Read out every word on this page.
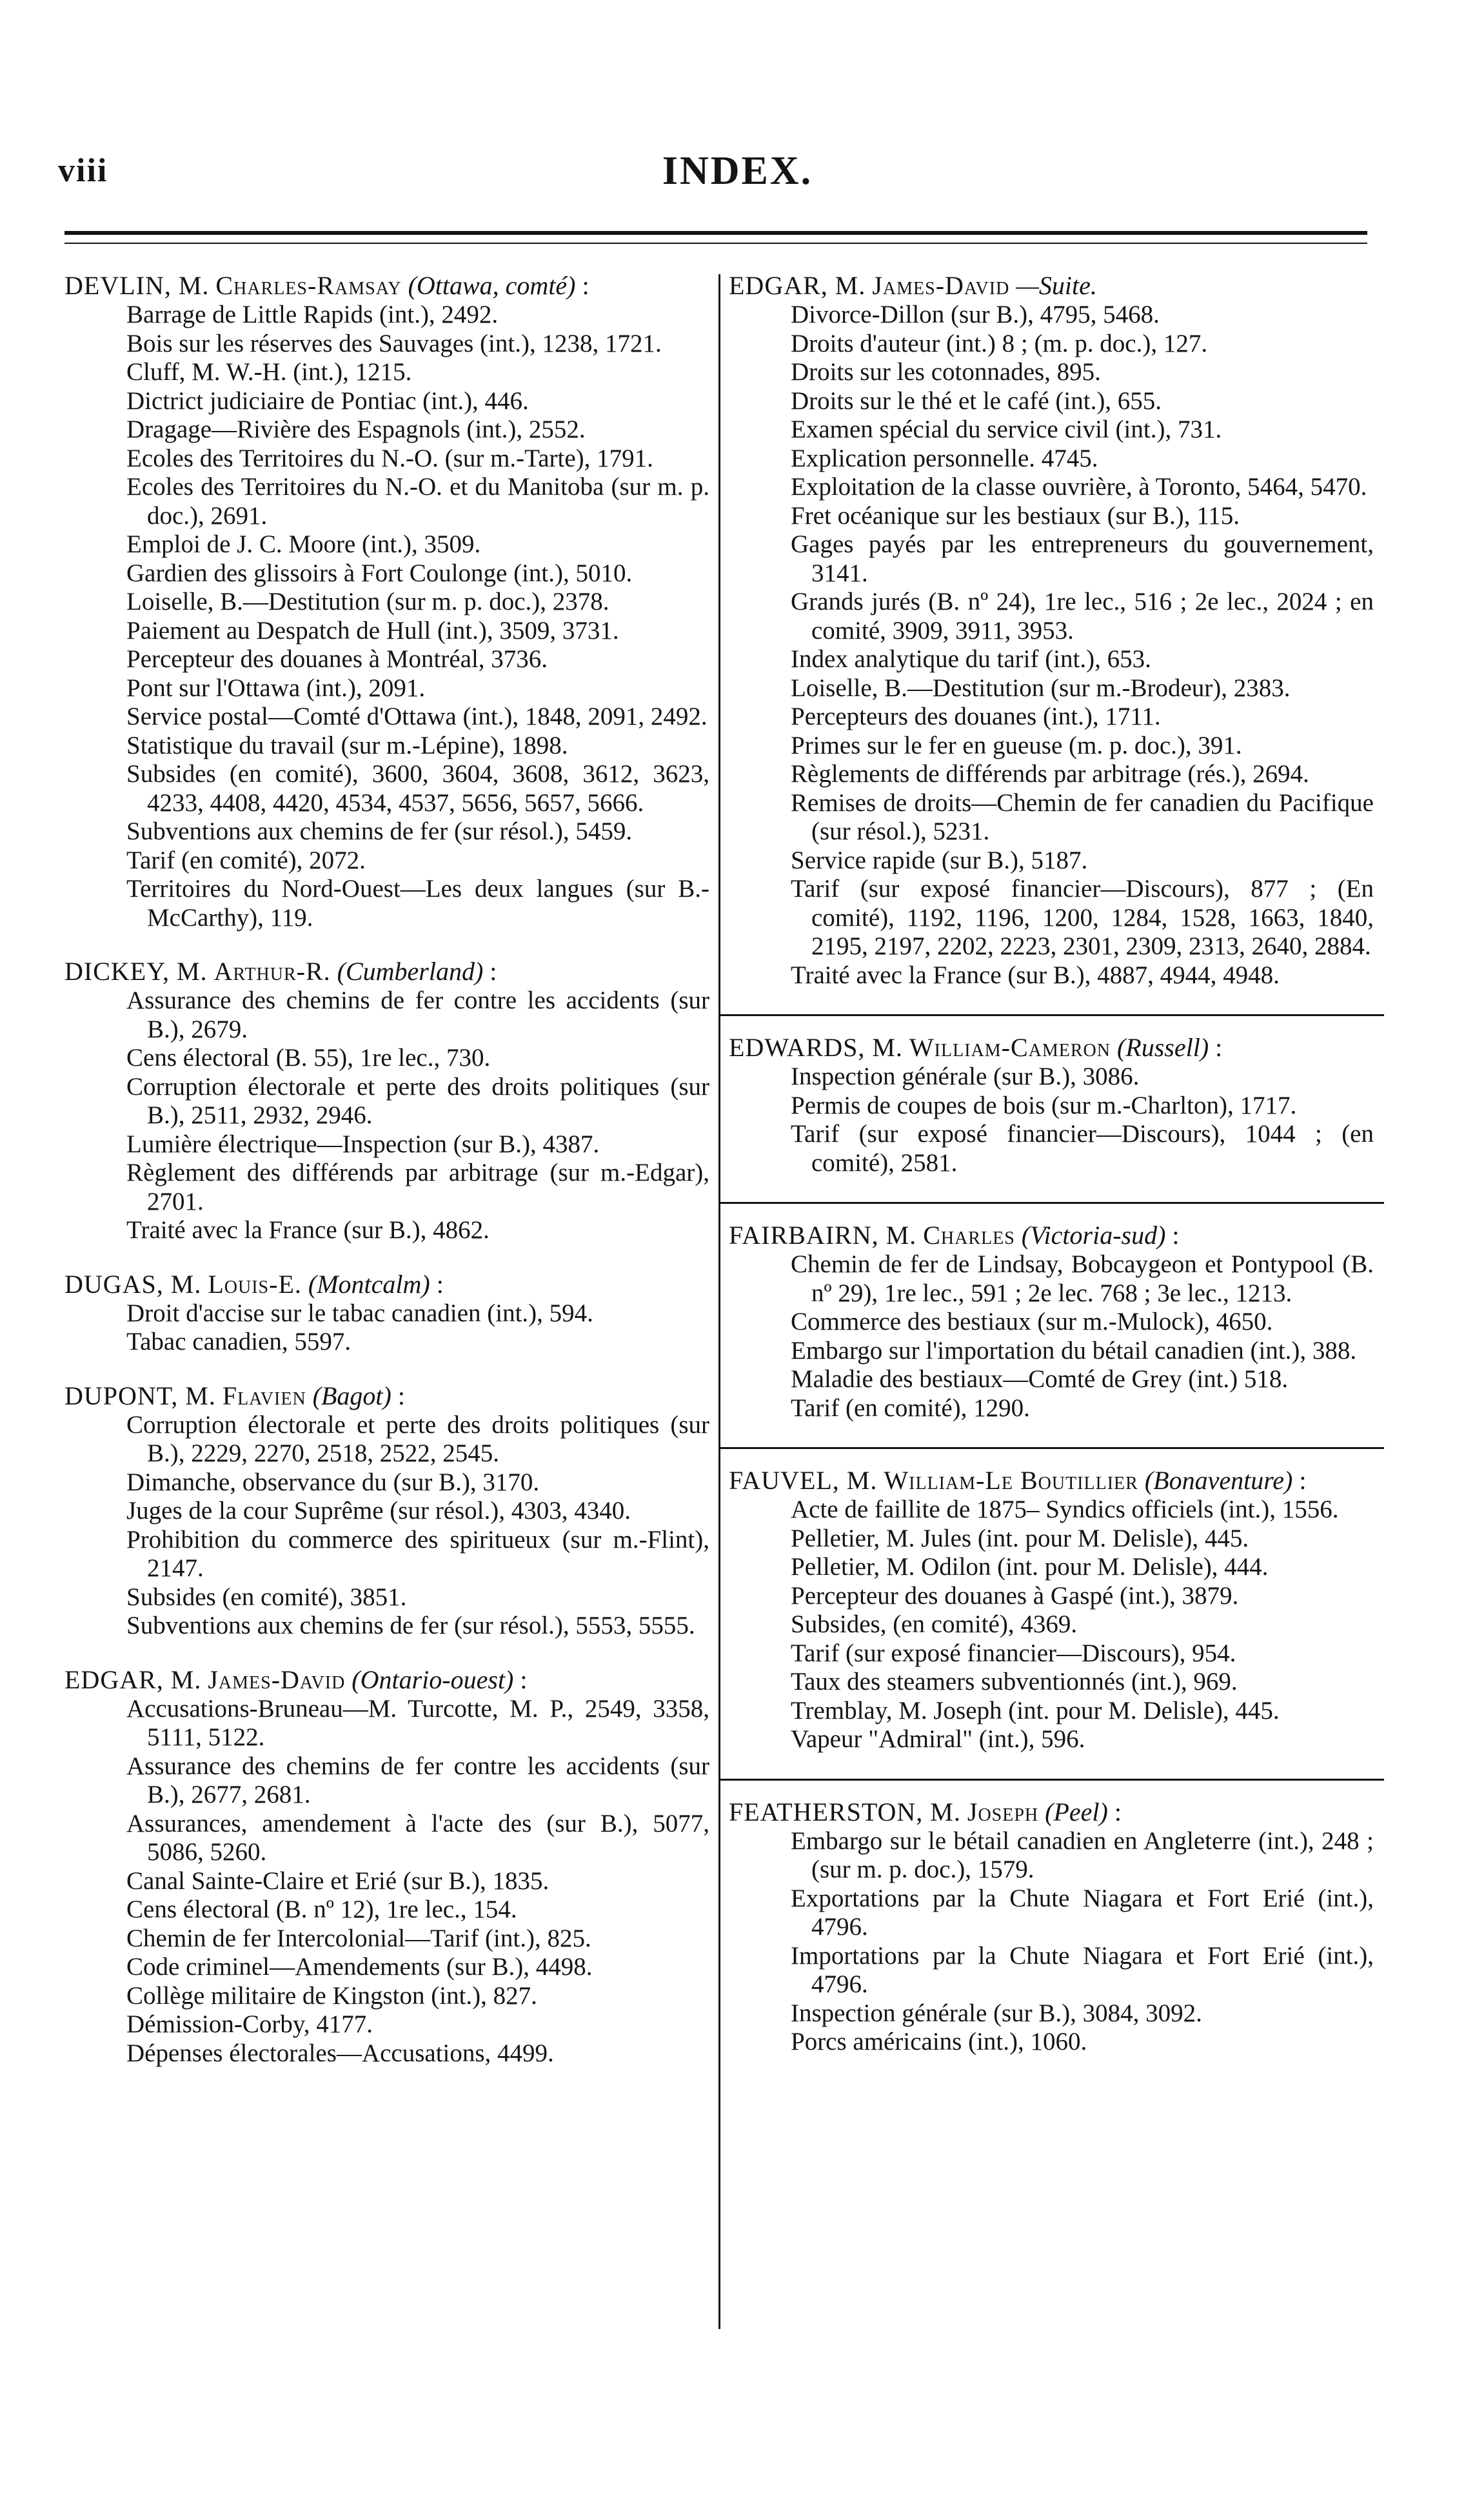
viii	INDEX.
DEVLIN, M. Charles-Ramsay (Ottawa, comté) :
Barrage de Little Rapids (int.), 2492.
Bois sur les réserves des Sauvages (int.), 1238, 1721.
Cluff, M. W.-H. (int.), 1215.
Dictrict judiciaire de Pontiac (int.), 446.
Dragage—Rivière des Espagnols (int.), 2552.
Ecoles des Territoires du N.-O. (sur m.-Tarte), 1791.
Ecoles des Territoires du N.-O. et du Manitoba (sur m. p. doc.), 2691.
Emploi de J. C. Moore (int.), 3509.
Gardien des glissoirs à Fort Coulonge (int.), 5010.
Loiselle, B.—Destitution (sur m. p. doc.), 2378.
Paiement au Despatch de Hull (int.), 3509, 3731.
Percepteur des douanes à Montréal, 3736.
Pont sur l'Ottawa (int.), 2091.
Service postal—Comté d'Ottawa (int.), 1848, 2091, 2492.
Statistique du travail (sur m.-Lépine), 1898.
Subsides (en comité), 3600, 3604, 3608, 3612, 3623, 4233, 4408, 4420, 4534, 4537, 5656, 5657, 5666.
Subventions aux chemins de fer (sur résol.), 5459.
Tarif (en comité), 2072.
Territoires du Nord-Ouest—Les deux langues (sur B.-McCarthy), 119.
DICKEY, M. Arthur-R. (Cumberland) :
Assurance des chemins de fer contre les accidents (sur B.), 2679.
Cens électoral (B. 55), 1re lec., 730.
Corruption électorale et perte des droits politiques (sur B.), 2511, 2932, 2946.
Lumière électrique—Inspection (sur B.), 4387.
Règlement des différends par arbitrage (sur m.-Edgar), 2701.
Traité avec la France (sur B.), 4862.
DUGAS, M. Louis-E. (Montcalm) :
Droit d'accise sur le tabac canadien (int.), 594.
Tabac canadien, 5597.
DUPONT, M. Flavien (Bagot) :
Corruption électorale et perte des droits politiques (sur B.), 2229, 2270, 2518, 2522, 2545.
Dimanche, observance du (sur B.), 3170.
Juges de la cour Suprême (sur résol.), 4303, 4340.
Prohibition du commerce des spiritueux (sur m.-Flint), 2147.
Subsides (en comité), 3851.
Subventions aux chemins de fer (sur résol.), 5553, 5555.
EDGAR, M. James-David (Ontario-ouest) :
Accusations-Bruneau—M. Turcotte, M. P., 2549, 3358, 5111, 5122.
Assurance des chemins de fer contre les accidents (sur B.), 2677, 2681.
Assurances, amendement à l'acte des (sur B.), 5077, 5086, 5260.
Canal Sainte-Claire et Erié (sur B.), 1835.
Cens électoral (B. nº 12), 1re lec., 154.
Chemin de fer Intercolonial—Tarif (int.), 825.
Code criminel—Amendements (sur B.), 4498.
Collège militaire de Kingston (int.), 827.
Démission-Corby, 4177.
Dépenses électorales—Accusations, 4499.
EDGAR, M. James-David —Suite.
Divorce-Dillon (sur B.), 4795, 5468.
Droits d'auteur (int.) 8 ; (m. p. doc.), 127.
Droits sur les cotonnades, 895.
Droits sur le thé et le café (int.), 655.
Examen spécial du service civil (int.), 731.
Explication personnelle. 4745.
Exploitation de la classe ouvrière, à Toronto, 5464, 5470.
Fret océanique sur les bestiaux (sur B.), 115.
Gages payés par les entrepreneurs du gouvernement, 3141.
Grands jurés (B. nº 24), 1re lec., 516 ; 2e lec., 2024 ; en comité, 3909, 3911, 3953.
Index analytique du tarif (int.), 653.
Loiselle, B.—Destitution (sur m.-Brodeur), 2383.
Percepteurs des douanes (int.), 1711.
Primes sur le fer en gueuse (m. p. doc.), 391.
Règlements de différends par arbitrage (rés.), 2694.
Remises de droits—Chemin de fer canadien du Pacifique (sur résol.), 5231.
Service rapide (sur B.), 5187.
Tarif (sur exposé financier—Discours), 877 ; (En comité), 1192, 1196, 1200, 1284, 1528, 1663, 1840, 2195, 2197, 2202, 2223, 2301, 2309, 2313, 2640, 2884.
Traité avec la France (sur B.), 4887, 4944, 4948.
EDWARDS, M. William-Cameron (Russell) :
Inspection générale (sur B.), 3086.
Permis de coupes de bois (sur m.-Charlton), 1717.
Tarif (sur exposé financier—Discours), 1044 ; (en comité), 2581.
FAIRBAIRN, M. Charles (Victoria-sud) :
Chemin de fer de Lindsay, Bobcaygeon et Pontypool (B. nº 29), 1re lec., 591 ; 2e lec. 768 ; 3e lec., 1213.
Commerce des bestiaux (sur m.-Mulock), 4650.
Embargo sur l'importation du bétail canadien (int.), 388.
Maladie des bestiaux—Comté de Grey (int.) 518.
Tarif (en comité), 1290.
FAUVEL, M. William-Le Boutillier (Bonaventure) :
Acte de faillite de 1875– Syndics officiels (int.), 1556.
Pelletier, M. Jules (int. pour M. Delisle), 445.
Pelletier, M. Odilon (int. pour M. Delisle), 444.
Percepteur des douanes à Gaspé (int.), 3879.
Subsides, (en comité), 4369.
Tarif (sur exposé financier—Discours), 954.
Taux des steamers subventionnés (int.), 969.
Tremblay, M. Joseph (int. pour M. Delisle), 445.
Vapeur "Admiral" (int.), 596.
FEATHERSTON, M. Joseph (Peel) :
Embargo sur le bétail canadien en Angleterre (int.), 248 ; (sur m. p. doc.), 1579.
Exportations par la Chute Niagara et Fort Erié (int.), 4796.
Importations par la Chute Niagara et Fort Erié (int.), 4796.
Inspection générale (sur B.), 3084, 3092.
Porcs américains (int.), 1060.
